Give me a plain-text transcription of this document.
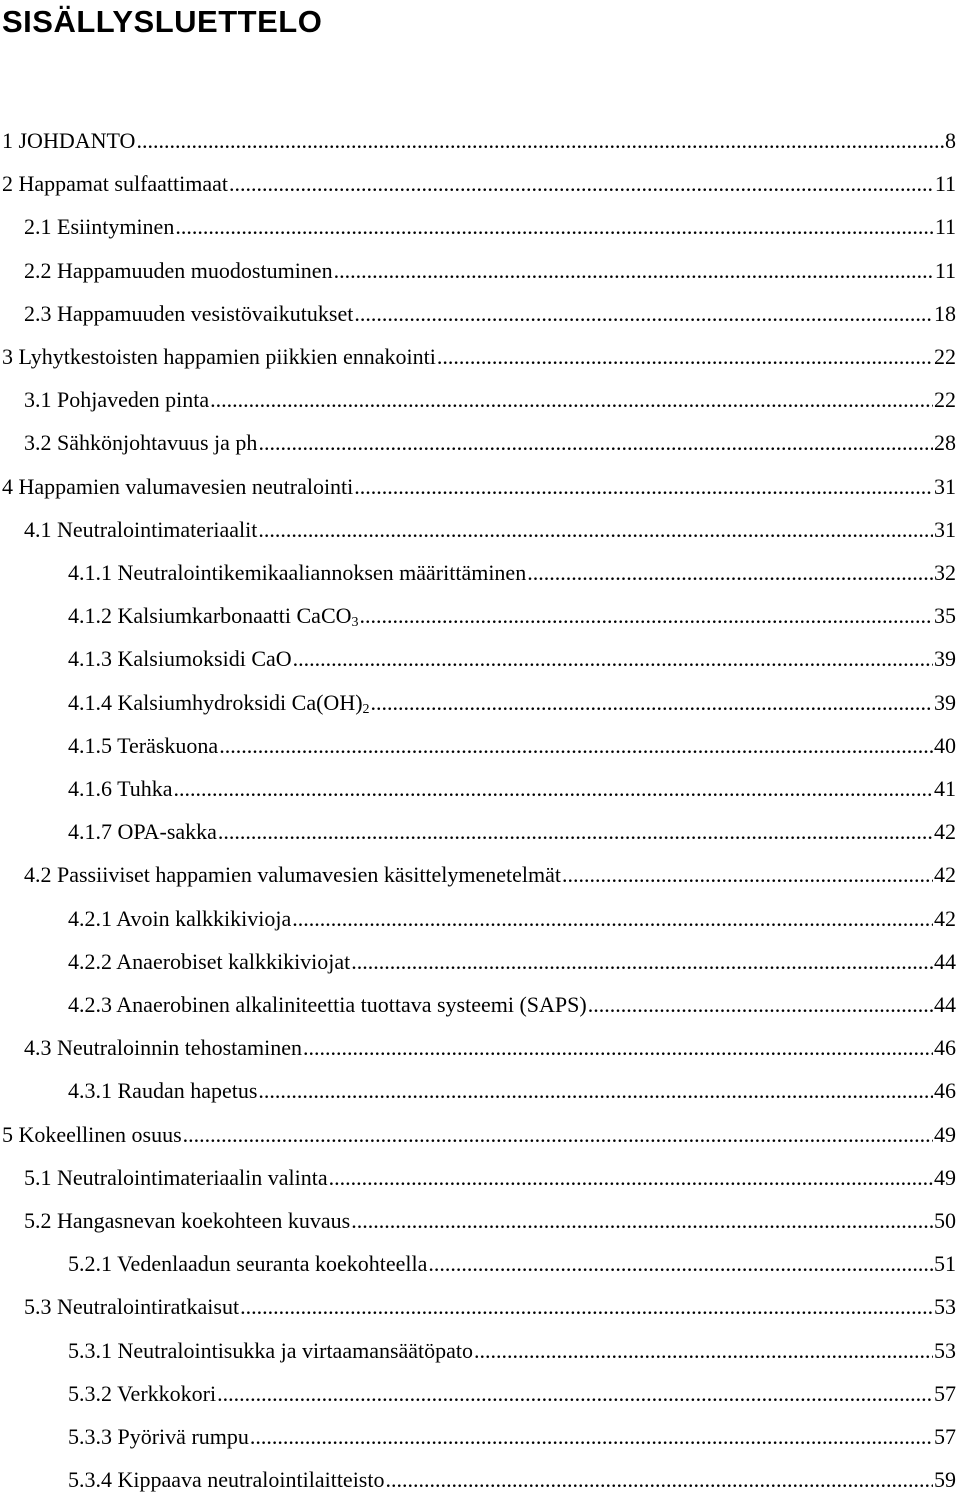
SISÄLLYSLUETTELO
1 JOHDANTO .....	8
2 Happamat sulfaattimaat .....	11
2.1 Esiintyminen .....	11
2.2 Happamuuden muodostuminen .....	11
2.3 Happamuuden vesistövaikutukset .....	18
3 Lyhytkestoisten happamien piikkien ennakointi .....	22
3.1 Pohjaveden pinta .....	22
3.2 Sähkönjohtavuus ja ph .....	28
4 Happamien valumavesien neutralointi .....	31
4.1 Neutralointimateriaalit .....	31
4.1.1 Neutralointikemikaaliannoksen määrittäminen .....	32
4.1.2 Kalsiumkarbonaatti CaCO$_3$ .....	35
4.1.3 Kalsiumoksidi CaO .....	39
4.1.4 Kalsiumhydroksidi $Ca(OH)_2$ .....	39
4.1.5 Teräskuona .....	40
4.1.6 Tuhka .....	41
4.1.7 OPA-sakka .....	42
4.2 Passiiviset happamien valumavesien käsittelymenetelmät .....	42
4.2.1 Avoin kalkkikivioja .....	42
4.2.2 Anaerobiset kalkkikiviojat .....	44
4.2.3 Anaerobinen alkaliniteettia tuottava systeemi (SAPS) .....	44
4.3 Neutraloinnin tehostaminen .....	46
4.3.1 Raudan hapetus .....	46
5 Kokeellinen osuus .....	49
5.1 Neutralointimateriaalin valinta .....	49
5.2 Hangasnevan koekohteen kuvaus .....	50
5.2.1 Vedenlaadun seuranta koekohteella .....	51
5.3 Neutralointiratkaisut .....	53
5.3.1 Neutralointisukka ja virtaamansäätöpato .....	53
5.3.2 Verkkokori .....	57
5.3.3 Pyörivä rumpu .....	57
5.3.4 Kippaava neutralointilaitteisto .....	59
